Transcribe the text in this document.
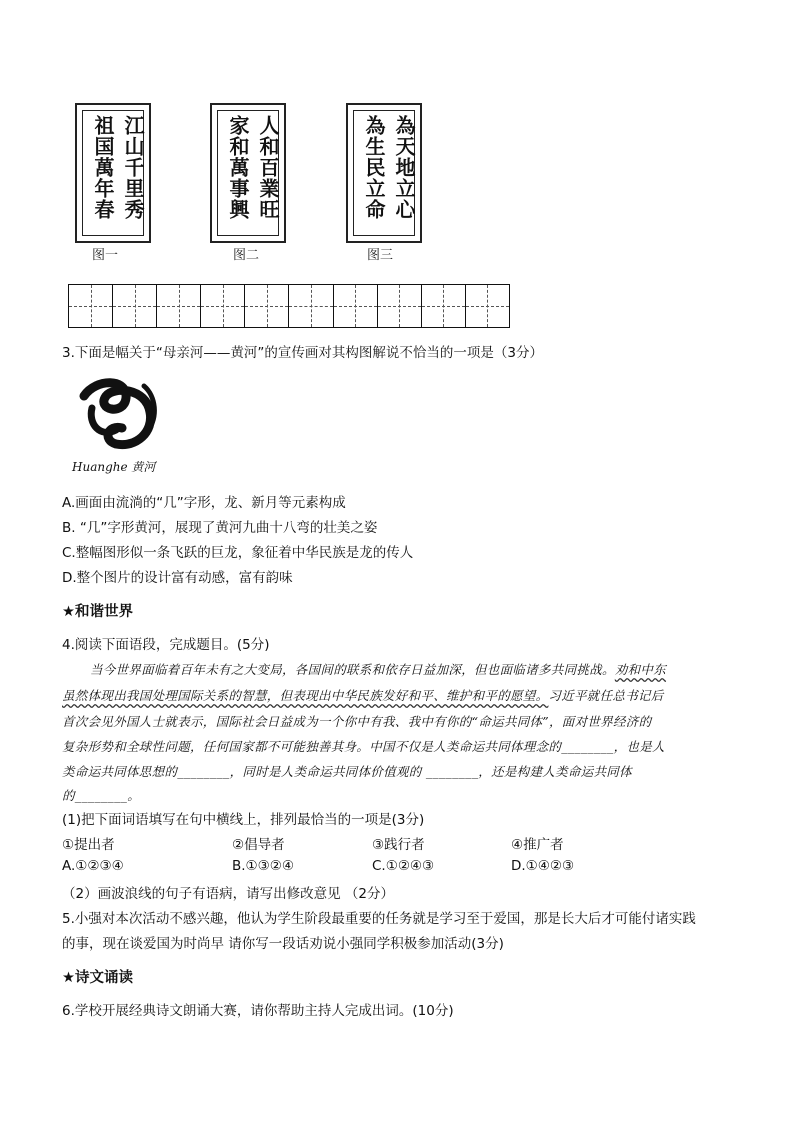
江山千里秀
祖国萬年春
图一
人和百業旺
家和萬事興
图二
為天地立心
為生民立命
图三
3.下面是幅关于“母亲河——黄河”的宣传画对其构图解说不恰当的一项是（3分）
Huanghe 黄河
A.画面由流淌的“几”字形，龙、新月等元素构成
B. “几”字形黄河，展现了黄河九曲十八弯的壮美之姿
C.整幅图形似一条飞跃的巨龙，象征着中华民族是龙的传人
D.整个图片的设计富有动感，富有韵味
★和谐世界
4.阅读下面语段，完成题目。(5分)
当今世界面临着百年未有之大变局，各国间的联系和依存日益加深，但也面临诸多共同挑战。劝和中东
虽然体现出我国处理国际关系的智慧，但表现出中华民族发好和平、维护和平的愿望。习近平就任总书记后
首次会见外国人士就表示，国际社会日益成为一个你中有我、我中有你的“命运共同体”，面对世界经济的
复杂形势和全球性问题，任何国家都不可能独善其身。中国不仅是人类命运共同体理念的________，也是人
类命运共同体思想的________，同时是人类命运共同体价值观的 ________，还是构建人类命运共同体
的________。
(1)把下面词语填写在句中横线上，排列最恰当的一项是(3分)
①提出者	②倡导者	③践行者	④推广者
A.①②③④	B.①③②④	C.①②④③	D.①④②③
（2）画波浪线的句子有语病，请写出修改意见 （2分）
5.小强对本次活动不感兴趣，他认为学生阶段最重要的任务就是学习至于爱国，那是长大后才可能付诸实践
的事，现在谈爱国为时尚早 请你写一段话劝说小强同学积极参加活动(3分)
★诗文诵读
6.学校开展经典诗文朗诵大赛，请你帮助主持人完成出词。(10分)
